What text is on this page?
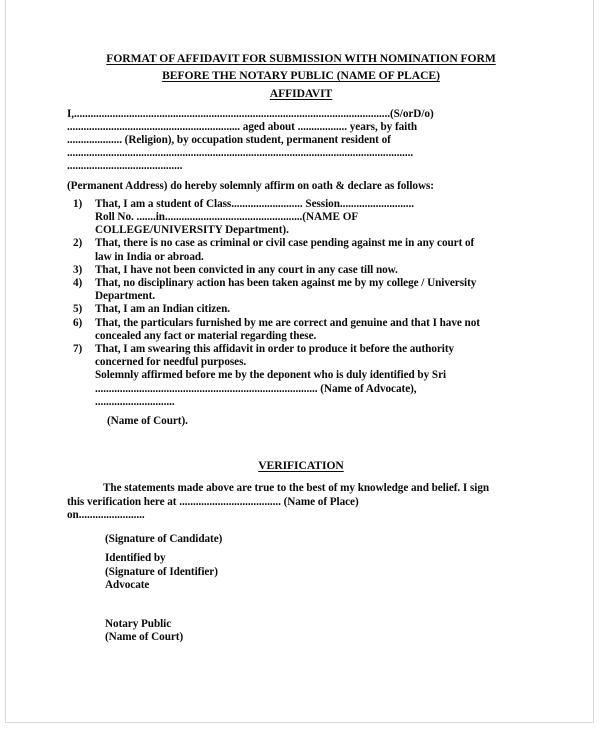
FORMAT OF AFFIDAVIT FOR SUBMISSION WITH NOMINATION FORM
BEFORE THE NOTARY PUBLIC (NAME OF PLACE)
AFFIDAVIT
I,...................................................................................................................(S/orD/o)
............................................................... aged about .................. years, by faith
.................... (Religion), by occupation student, permanent resident of
..............................................................................................................................
..........................................
(Permanent Address) do hereby solemnly affirm on oath & declare as follows:
1)	That, I am a student of Class.......................... Session...........................
Roll No. .......in..................................................(NAME OF
COLLEGE/UNIVERSITY Department).
2)	That, there is no case as criminal or civil case pending against me in any court of
law in India or abroad.
3)	That, I have not been convicted in any court in any case till now.
4)	That, no disciplinary action has been taken against me by my college / University
Department.
5)	That, I am an Indian citizen.
6)	That, the particulars furnished by me are correct and genuine and that I have not
concealed any fact or material regarding these.
7)	That, I am swearing this affidavit in order to produce it before the authority
concerned for needful purposes.
Solemnly affirmed before me by the deponent who is duly identified by Sri
................................................................................. (Name of Advocate),
.............................
(Name of Court).
VERIFICATION
The statements made above are true to the best of my knowledge and belief. I sign
this verification here at ..................................... (Name of Place)
on........................
(Signature of Candidate)
Identified by
(Signature of Identifier)
Advocate
Notary Public
(Name of Court)
